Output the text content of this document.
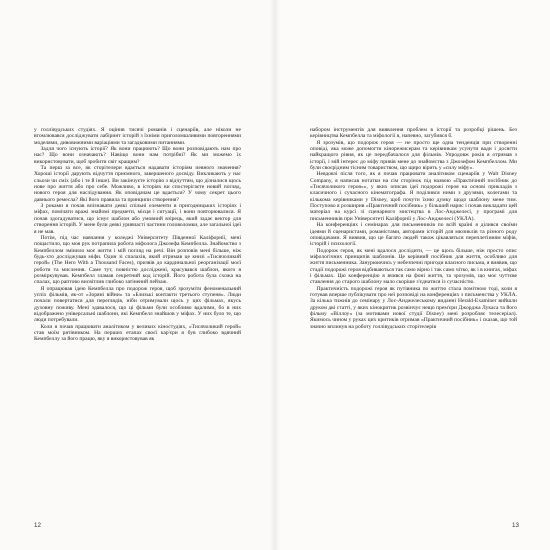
у голлівудських студіях. Я оцінив тисячі романів і сценаріїв, але ніколи не втомлювався досліджувати лабіринт історій з їхніми приголомшливими повтореннями моделями, дивовижними варіаціями та загадковими питаннями.

Задля чого існують історії? Як вони працюють? Що вони розповідають нам про нас? Що вони означають? Навіщо вони нам потрібні? Як ми можемо їх використовувати, щоб зробити світ кращим?

Та перш за все, як сторітелери вдається надавати історіям певного значення? Хороші історії дарують відчуття приємного, завершеного досвіду. Викликають у нас сльози чи сміх (або і те й інше). Ви закінчуєте історію з відчуттям, що дізналися щось нове про життя або про себе. Можливо, в історіях ви спостерігаєте новий погляд, нового героя для наслідування. Як оповідачам це вдається? У чому секрет цього давнього ремесла? Які його правила та принципи створення?

З роками я почав впізнавати деякі спільні елементи в пригодницьких історіях і міфах, помічати вражі знайомі предмети, місця і ситуації, і вони повторювалися. Я почав здогадуватися, що існує шаблон або умовний взірець, який задає вектор для створення історій. У мене були деякі уривчасті частини головоломки, але загальної ідеї я не мав.

Потім, під час навчання у коледжі Університету Південної Каліфорнії, мені пощастило, що моя рук потрапила робота міфолога Джозефа Кемпбелла. Знайомство з Кемпбеллом змінило моє життя і мій погляд на речі. Він розповів мені більше, ніж будь-хто досліджував міфи. Один зі спалахів, який отримав це книзі «Тисячоликий герой» (The Hero With a Thousand Faces), призвів до кардинальної реорганізації моєї роботи та мислення. Саме тут, повністю досліджені, красувався шаблон, якого я розміркувував. Кемпбелл зламав секретний код історій. Його робота була схожа на спалах, що раптово висвітлив глибоко затінений пейзаж.

Я опрацював ідею Кемпбелла про подорож героя, щоб зрозуміти феноменальний успіх фільмів, як-от «Зоряні війни» та «Близькі контакти третього ступеня». Люди почали повертатися для переглядів, ніби отримували щось у цих фільмах, якусь духовну поживу. Мені здавалося, що ці фільми були особливо вдалими, бо в них відображено універсальні шаблони, які Кемпбелл знайшов у міфах. У них було те, що люди потребували.

Коли я почав працювати аналітиком у великих кіностудіях, «Тисячоликий герой» став моїм рятівником. На перших етапах своєї кар'єри я був глибоко вдячний Кемпбеллу за його працю, яку я використовував як

12

набором інструментів для виявлення проблем в історії та розробці рішень. Без керівництва Кемпбелла та міфології я, напевно, загубився б.

Я зрозумів, що подорож героя — не просто ще одна тенденція при створенні оповіді, яка може допомогти кінорежисерам та керівникам усунути вади і досягти найкращого рівня, як це передбачалося для фільмів. Упродовж років я отримав з історії, і мій інтерес до міфу привів мене до знайомства з Джозефом Кемпбеллом. Ми були своєрідним тісним товариством, що щиро вірить у «силу міфу».

Невдовзі після того, як я почав працювати аналітиком сценаріїв у Walt Disney Company, я написав нотатки на сім сторінок під назвою «Практичний посібник до «Тисячоликого героя»», у яких описав ідеї подорожі героя на основі прикладів з класичного і сучасного кінематографа. Я поділився ними з друзями, колегами та кількома керівниками у Disney, щоб почути їхню думку щодо шаблону мене тим. Поступово я розширив «Практичний посібник» у більший нарис і почав викладати цей матеріал на курсі зі сценарного мистецтва в Лос-Анджелесі, у програмі для письменників при Університеті Каліфорнії у Лос-Анджелесі (УКЛА).

На конференціях і семінарах для письменників по всій країні я ділився своїми ідеями й сценаристами, романістами, авторами історій для мюзиклів та різного роду оповідачами. Я виявив, що це багато людей також цікавляться переплетінням міфів, історій і психології.

Подорож героя, як мені вдалося дослідити, — це щось більше, ніж просто опис міфологічних принципів шаблонів. Це керівний посібник для життя, особливо для життя письменника. Занурюючись у небезпечні пригоди власного письма, я виявив, що стадії подорожі героя відбиваються так само вірно і так само чітко, як і в книгах, міфах і фільмах. Цю конференцію я вчився на фоні життя, та зрозумів, що моє чуттєве ставлення до старого шаблону мало скоріше з'єднатися із сучасністю.

Практичність подорожі героя як путівника по життю стала помітною тоді, коли я готував вперше публікувати про неї розповіді на конференціях з письменства у УКЛА. За кілька тижнів до семінару у Лос-Анджелеському виданні Herald-Examiner вийшли друком дві статті, у яких кінокритик розвінчує нещо прем'єри Джорджа Лукаса та його фільму «Віллоу» (за мотивами нової студії Disney) мені розробляє телесеріал). Якимось чином у руках цих критиків отримав «Практичний посібник» і сказав, що той значно вплинув на роботу голлівудських сторітелерів

13
